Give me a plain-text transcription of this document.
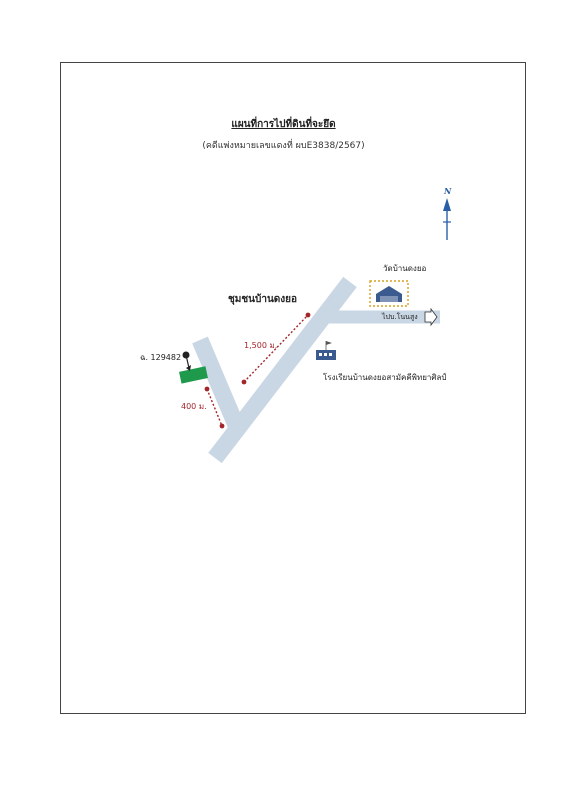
แผนที่การไปที่ดินที่จะยึด
(คดีแพ่งหมายเลขแดงที่ ผบE3838/2567)
N
วัดบ้านดงยอ
ชุมชนบ้านดงยอ
ไปบ.โนนสูง
1,500 ม.
ฉ. 129482
โรงเรียนบ้านดงยอสามัคคีพิทยาศิลป์
400 ม.
